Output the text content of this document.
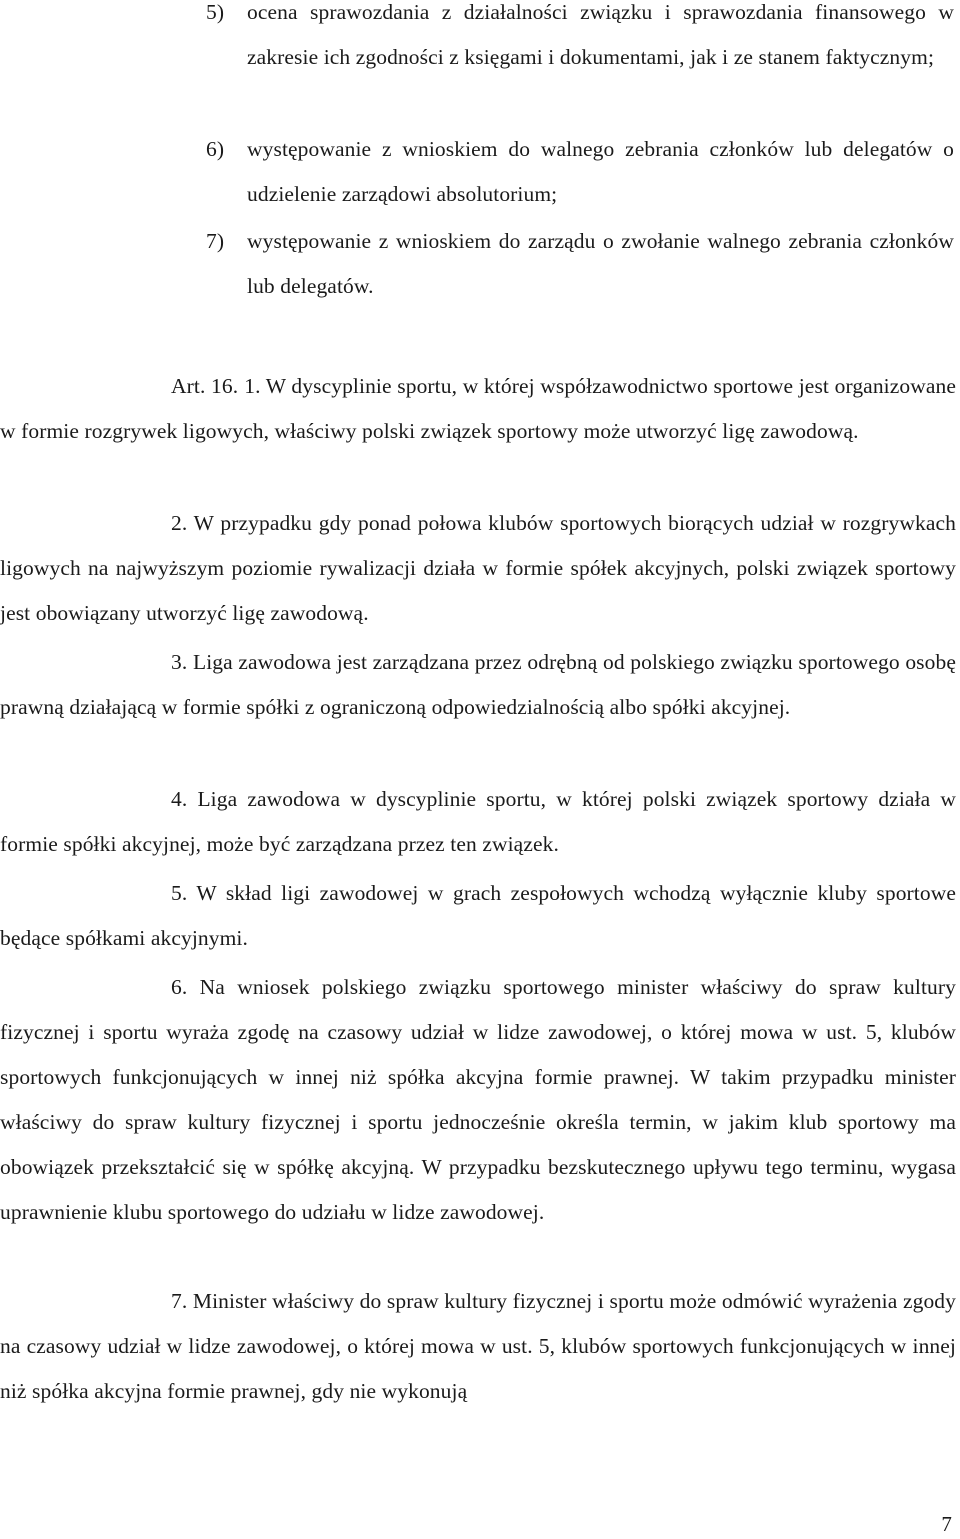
5) ocena sprawozdania z działalności związku i sprawozdania finansowego w zakresie ich zgodności z księgami i dokumentami, jak i ze stanem faktycznym;
6) występowanie z wnioskiem do walnego zebrania członków lub delegatów o udzielenie zarządowi absolutorium;
7) występowanie z wnioskiem do zarządu o zwołanie walnego zebrania członków lub delegatów.

Art. 16. 1. W dyscyplinie sportu, w której współzawodnictwo sportowe jest organizowane w formie rozgrywek ligowych, właściwy polski związek sportowy może utworzyć ligę zawodową.

2. W przypadku gdy ponad połowa klubów sportowych biorących udział w rozgrywkach ligowych na najwyższym poziomie rywalizacji działa w formie spółek akcyjnych, polski związek sportowy jest obowiązany utworzyć ligę zawodową.

3. Liga zawodowa jest zarządzana przez odrębną od polskiego związku sportowego osobę prawną działającą w formie spółki z ograniczoną odpowiedzialnością albo spółki akcyjnej.

4. Liga zawodowa w dyscyplinie sportu, w której polski związek sportowy działa w formie spółki akcyjnej, może być zarządzana przez ten związek.

5. W skład ligi zawodowej w grach zespołowych wchodzą wyłącznie kluby sportowe będące spółkami akcyjnymi.

6. Na wniosek polskiego związku sportowego minister właściwy do spraw kultury fizycznej i sportu wyraża zgodę na czasowy udział w lidze zawodowej, o której mowa w ust. 5, klubów sportowych funkcjonujących w innej niż spółka akcyjna formie prawnej. W takim przypadku minister właściwy do spraw kultury fizycznej i sportu jednocześnie określa termin, w jakim klub sportowy ma obowiązek przekształcić się w spółkę akcyjną. W przypadku bezskutecznego upływu tego terminu, wygasa uprawnienie klubu sportowego do udziału w lidze zawodowej.

7. Minister właściwy do spraw kultury fizycznej i sportu może odmówić wyrażenia zgody na czasowy udział w lidze zawodowej, o której mowa w ust. 5, klubów sportowych funkcjonujących w innej niż spółka akcyjna formie prawnej, gdy nie wykonują

7
